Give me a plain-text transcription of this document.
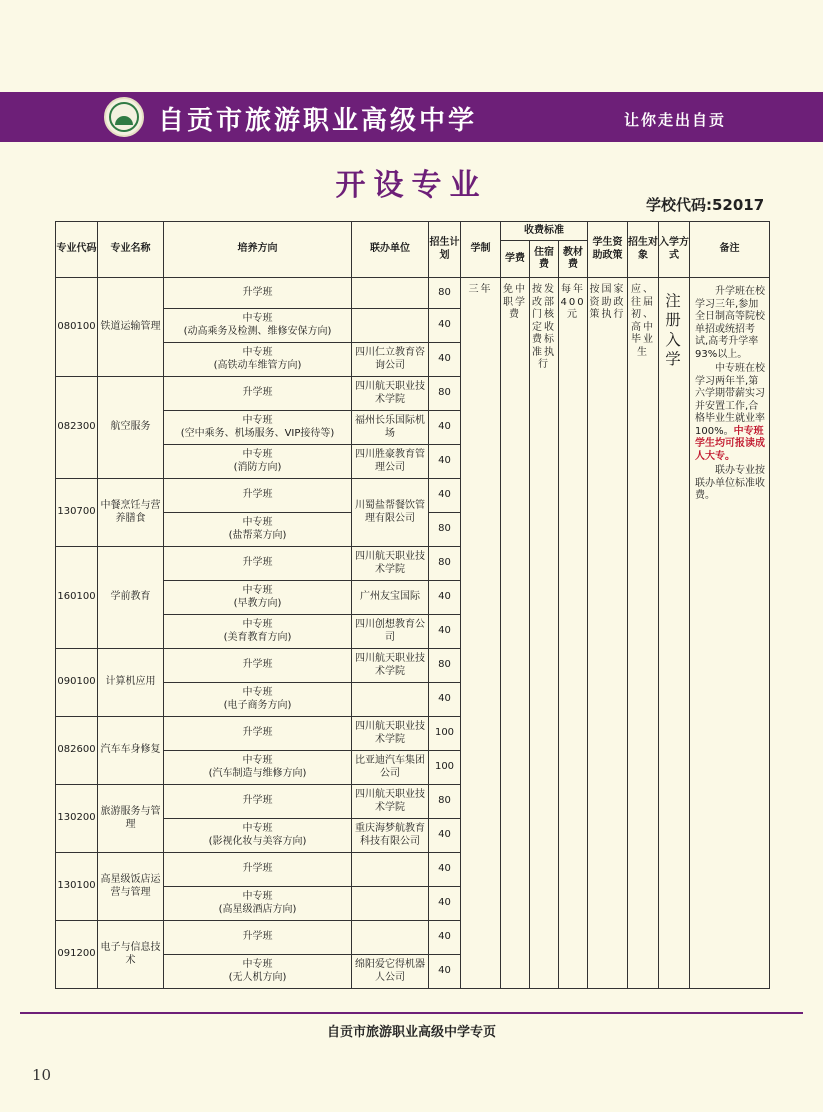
自贡市旅游职业高级中学	让你走出自贡
开设专业
学校代码:52017
专业代码	专业名称	培养方向	联办单位	招生计划	学制	收费标准			学生资助政策	招生对象	入学方式	备注
						学费	住宿费	教材费				
080100	铁道运输管理	升学班		80	三年	免中职学费	按发改部门核定收费标准执行	每年400元	按国家资助政策执行	应、往届初、高中毕业生	注册入学	升学班在校学习三年,参加全日制高等院校单招或统招考试,高考升学率93%以上。
中专班在校学习两年半,第六学期带薪实习并安置工作,合格毕业生就业率100%。中专班学生均可报读成人大专。
联办专业按联办单位标准收费。

		中专班
(动高乘务及检测、维修安保方向)		40								

		中专班
(高铁动车维管方向)	四川仁立教育咨询公司	40								
082300	航空服务	升学班	四川航天职业技术学院	80								

		中专班
(空中乘务、机场服务、VIP接待等)	福州长乐国际机场	40								

		中专班
(消防方向)	四川胜豪教育管理公司	40								
130700	中餐烹饪与营养膳食	升学班	川蜀盐帮餐饮管理有限公司	40								

		中专班
(盐帮菜方向)		80								
160100	学前教育	升学班	四川航天职业技术学院	80								

		中专班
(早教方向)	广州友宝国际	40								

		中专班
(美育教育方向)	四川创想教育公司	40								
090100	计算机应用	升学班	四川航天职业技术学院	80								

		中专班
(电子商务方向)		40								
082600	汽车车身修复	升学班	四川航天职业技术学院	100								

		中专班
(汽车制造与维修方向)	比亚迪汽车集团公司	100								
130200	旅游服务与管理	升学班	四川航天职业技术学院	80								

		中专班
(影视化妆与美容方向)	重庆海梦航教育科技有限公司	40								
130100	高星级饭店运营与管理	升学班		40								

		中专班
(高星级酒店方向)		40								
091200	电子与信息技术	升学班		40								

		中专班
(无人机方向)	绵阳爱它得机器人公司	40								
自贡市旅游职业高级中学专页
10
